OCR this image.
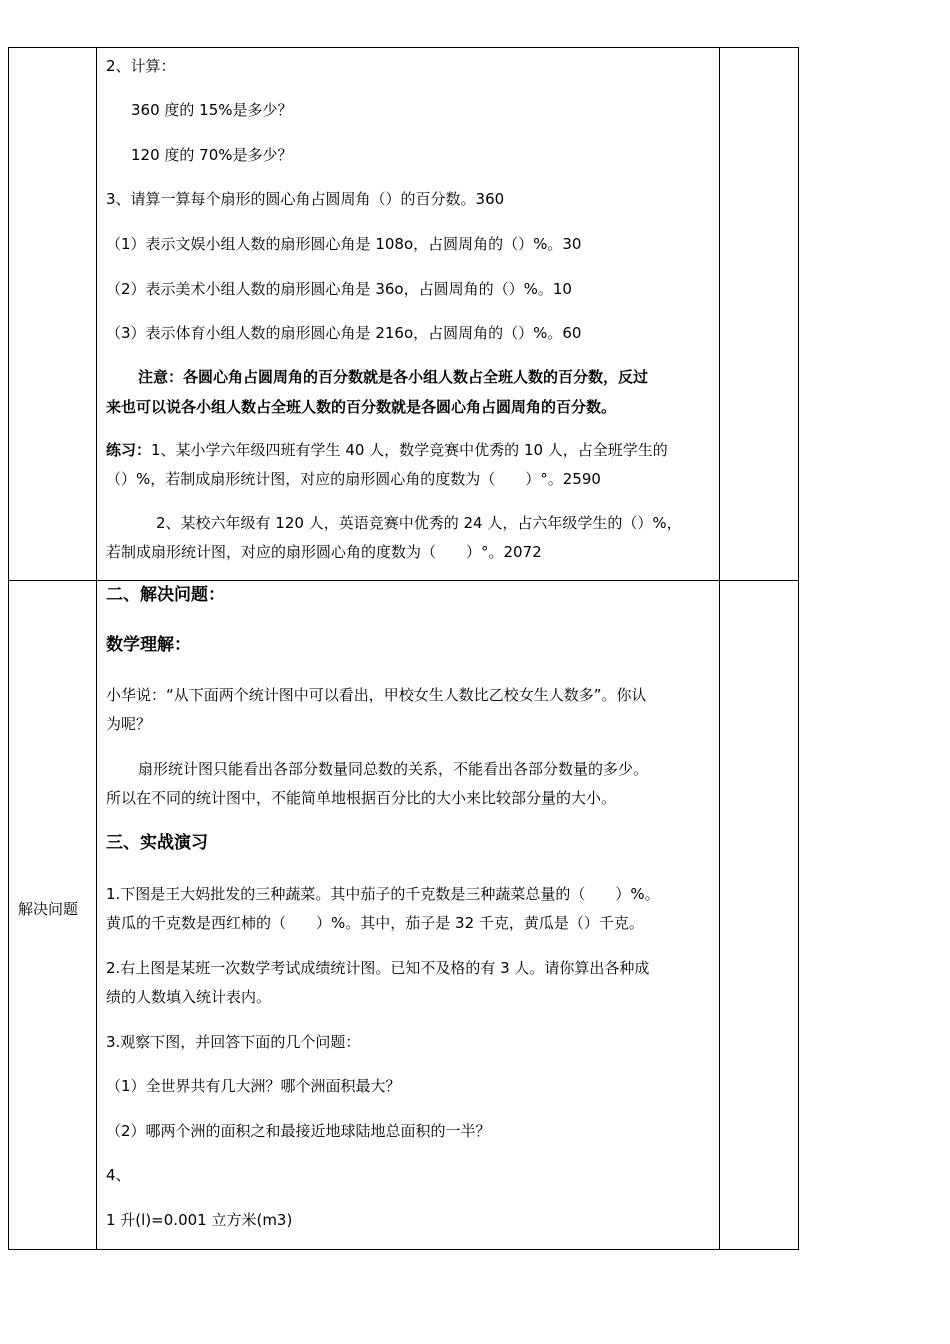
2、计算：
360 度的 15%是多少？
120 度的 70%是多少？
3、请算一算每个扇形的圆心角占圆周角（）的百分数。360
（1）表示文娱小组人数的扇形圆心角是 108o，占圆周角的（）%。30
（2）表示美术小组人数的扇形圆心角是 36o，占圆周角的（）%。10
（3）表示体育小组人数的扇形圆心角是 216o，占圆周角的（）%。60
注意：各圆心角占圆周角的百分数就是各小组人数占全班人数的百分数，反过
来也可以说各小组人数占全班人数的百分数就是各圆心角占圆周角的百分数。
练习：1、某小学六年级四班有学生 40 人，数学竞赛中优秀的 10 人，占全班学生的
（）%，若制成扇形统计图，对应的扇形圆心角的度数为（　　）°。2590
2、某校六年级有 120 人，英语竞赛中优秀的 24 人，占六年级学生的（）%，
若制成扇形统计图，对应的扇形圆心角的度数为（　　）°。2072
解决问题
二、解决问题：
数学理解：
小华说：“从下面两个统计图中可以看出，甲校女生人数比乙校女生人数多”。你认
为呢？
扇形统计图只能看出各部分数量同总数的关系，不能看出各部分数量的多少。
所以在不同的统计图中，不能简单地根据百分比的大小来比较部分量的大小。
三、实战演习
1.下图是王大妈批发的三种蔬菜。其中茄子的千克数是三种蔬菜总量的（　　）%。
黄瓜的千克数是西红柿的（　　）%。其中，茄子是 32 千克，黄瓜是（）千克。
2.右上图是某班一次数学考试成绩统计图。已知不及格的有 3 人。请你算出各种成
绩的人数填入统计表内。
3.观察下图，并回答下面的几个问题：
（1）全世界共有几大洲？哪个洲面积最大？
（2）哪两个洲的面积之和最接近地球陆地总面积的一半？
4、
1 升(l)=0.001 立方米(m3)
